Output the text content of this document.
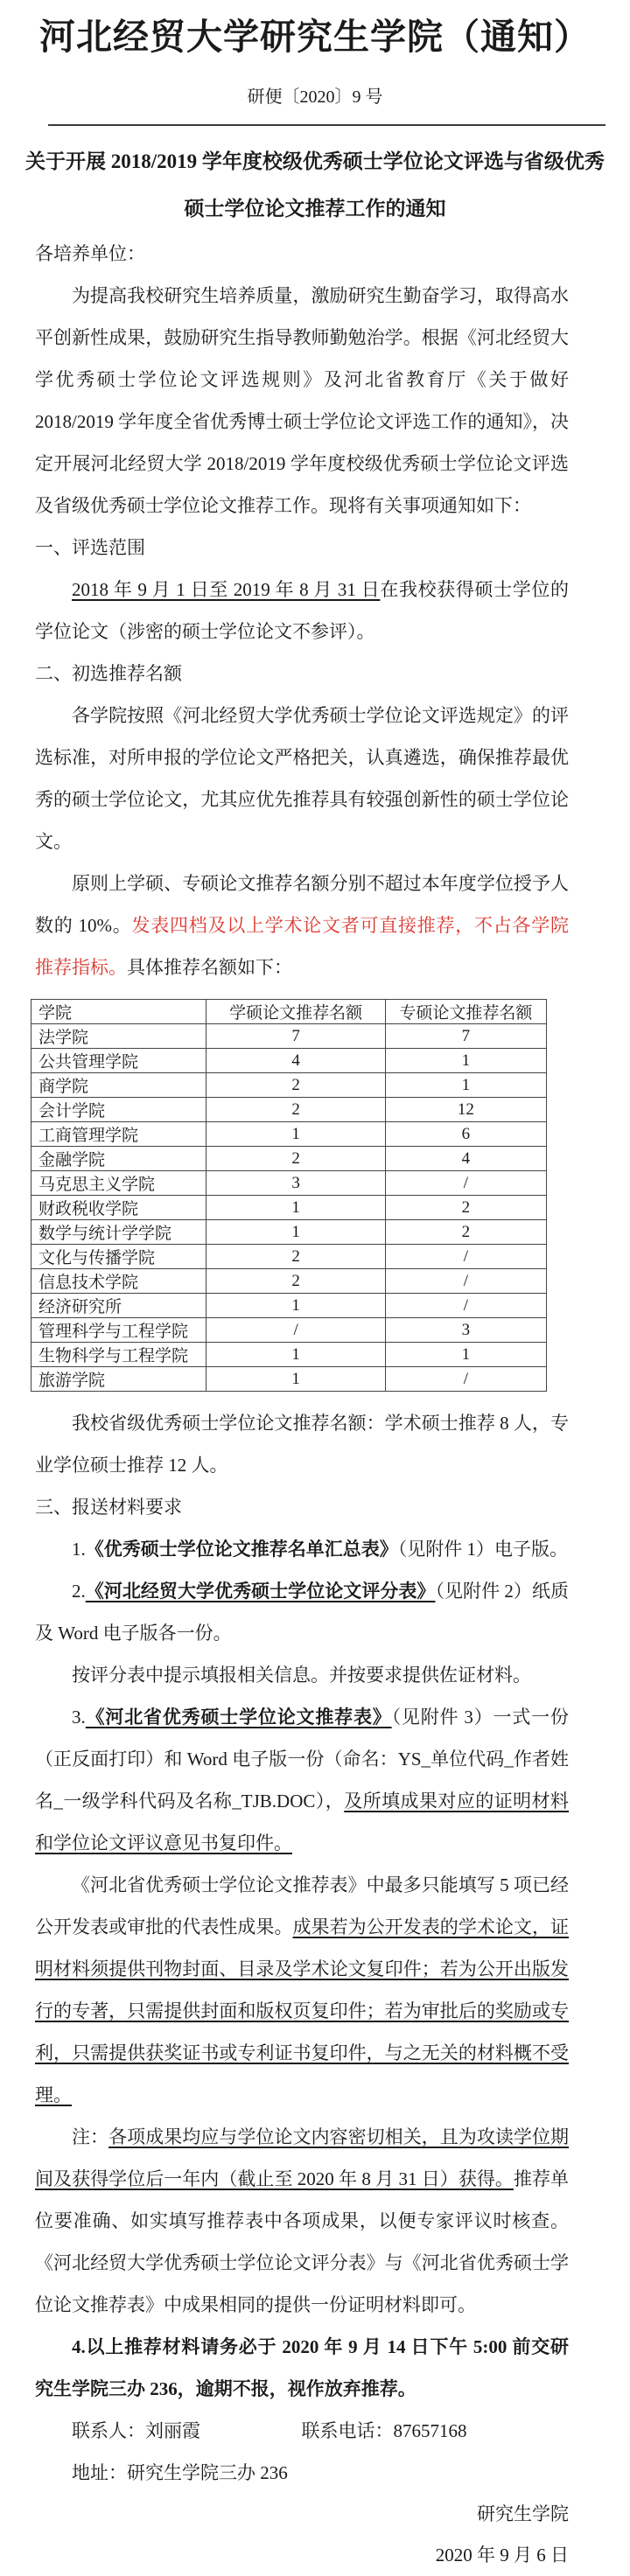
河北经贸大学研究生学院（通知）
研便〔2020〕9 号
关于开展 2018/2019 学年度校级优秀硕士学位论文评选与省级优秀
硕士学位论文推荐工作的通知

各培养单位：

为提高我校研究生培养质量，激励研究生勤奋学习，取得高水平创新性成果，鼓励研究生指导教师勤勉治学。根据《河北经贸大学优秀硕士学位论文评选规则》及河北省教育厅《关于做好 2018/2019 学年度全省优秀博士硕士学位论文评选工作的通知》，决定开展河北经贸大学 2018/2019 学年度校级优秀硕士学位论文评选及省级优秀硕士学位论文推荐工作。现将有关事项通知如下：

一、评选范围

2018 年 9 月 1 日至 2019 年 8 月 31 日在我校获得硕士学位的学位论文（涉密的硕士学位论文不参评）。

二、初选推荐名额

各学院按照《河北经贸大学优秀硕士学位论文评选规定》的评选标准，对所申报的学位论文严格把关，认真遴选，确保推荐最优秀的硕士学位论文，尤其应优先推荐具有较强创新性的硕士学位论文。

原则上学硕、专硕论文推荐名额分别不超过本年度学位授予人数的 10%。发表四档及以上学术论文者可直接推荐，不占各学院推荐指标。具体推荐名额如下：

学院	学硕论文推荐名额	专硕论文推荐名额
法学院	7	7
公共管理学院	4	1
商学院	2	1
会计学院	2	12
工商管理学院	1	6
金融学院	2	4
马克思主义学院	3	/
财政税收学院	1	2
数学与统计学学院	1	2
文化与传播学院	2	/
信息技术学院	2	/
经济研究所	1	/
管理科学与工程学院	/	3
生物科学与工程学院	1	1
旅游学院	1	/

我校省级优秀硕士学位论文推荐名额：学术硕士推荐 8 人，专业学位硕士推荐 12 人。

三、报送材料要求

1.《优秀硕士学位论文推荐名单汇总表》（见附件 1）电子版。

2.《河北经贸大学优秀硕士学位论文评分表》（见附件 2）纸质及 Word 电子版各一份。

按评分表中提示填报相关信息。并按要求提供佐证材料。

3.《河北省优秀硕士学位论文推荐表》（见附件 3）一式一份（正反面打印）和 Word 电子版一份（命名：YS_单位代码_作者姓名_一级学科代码及名称_TJB.DOC），及所填成果对应的证明材料和学位论文评议意见书复印件。

《河北省优秀硕士学位论文推荐表》中最多只能填写 5 项已经公开发表或审批的代表性成果。成果若为公开发表的学术论文，证明材料须提供刊物封面、目录及学术论文复印件；若为公开出版发行的专著，只需提供封面和版权页复印件；若为审批后的奖励或专利，只需提供获奖证书或专利证书复印件，与之无关的材料概不受理。

注：各项成果均应与学位论文内容密切相关，且为攻读学位期间及获得学位后一年内（截止至 2020 年 8 月 31 日）获得。推荐单位要准确、如实填写推荐表中各项成果，以便专家评议时核查。《河北经贸大学优秀硕士学位论文评分表》与《河北省优秀硕士学位论文推荐表》中成果相同的提供一份证明材料即可。

4.以上推荐材料请务必于 2020 年 9 月 14 日下午 5:00 前交研究生学院三办 236，逾期不报，视作放弃推荐。

联系人：刘丽霞	联系电话：87657168

地址：研究生学院三办 236

研究生学院

2020 年 9 月 6 日
